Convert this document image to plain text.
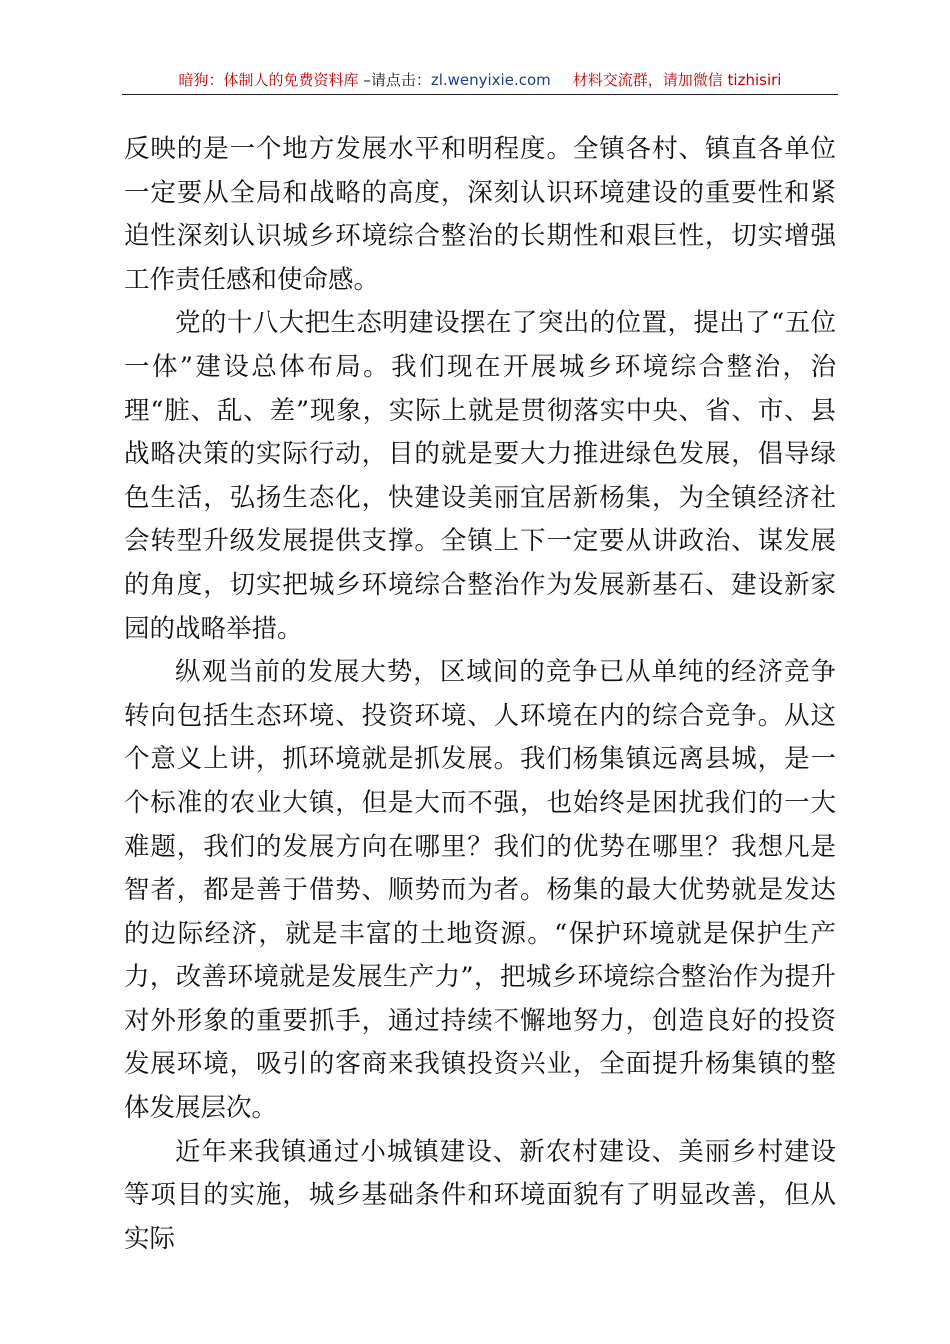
暗狗：体制人的免费资料库 –请点击：zl.wenyixie.com 材料交流群，请加微信 tizhisiri

反映的是一个地方发展水平和明程度。全镇各村、镇直各单位一定要从全局和战略的高度，深刻认识环境建设的重要性和紧迫性深刻认识城乡环境综合整治的长期性和艰巨性，切实增强工作责任感和使命感。

党的十八大把生态明建设摆在了突出的位置，提出了“五位一体”建设总体布局。我们现在开展城乡环境综合整治，治理“脏、乱、差”现象，实际上就是贯彻落实中央、省、市、县战略决策的实际行动，目的就是要大力推进绿色发展，倡导绿色生活，弘扬生态化，快建设美丽宜居新杨集，为全镇经济社会转型升级发展提供支撑。全镇上下一定要从讲政治、谋发展的角度，切实把城乡环境综合整治作为发展新基石、建设新家园的战略举措。

纵观当前的发展大势，区域间的竞争已从单纯的经济竞争转向包括生态环境、投资环境、人环境在内的综合竞争。从这个意义上讲，抓环境就是抓发展。我们杨集镇远离县城，是一个标准的农业大镇，但是大而不强，也始终是困扰我们的一大难题，我们的发展方向在哪里？我们的优势在哪里？我想凡是智者，都是善于借势、顺势而为者。杨集的最大优势就是发达的边际经济，就是丰富的土地资源。“保护环境就是保护生产力，改善环境就是发展生产力”，把城乡环境综合整治作为提升对外形象的重要抓手，通过持续不懈地努力，创造良好的投资发展环境，吸引的客商来我镇投资兴业，全面提升杨集镇的整体发展层次。

近年来我镇通过小城镇建设、新农村建设、美丽乡村建设等项目的实施，城乡基础条件和环境面貌有了明显改善，但从实际
